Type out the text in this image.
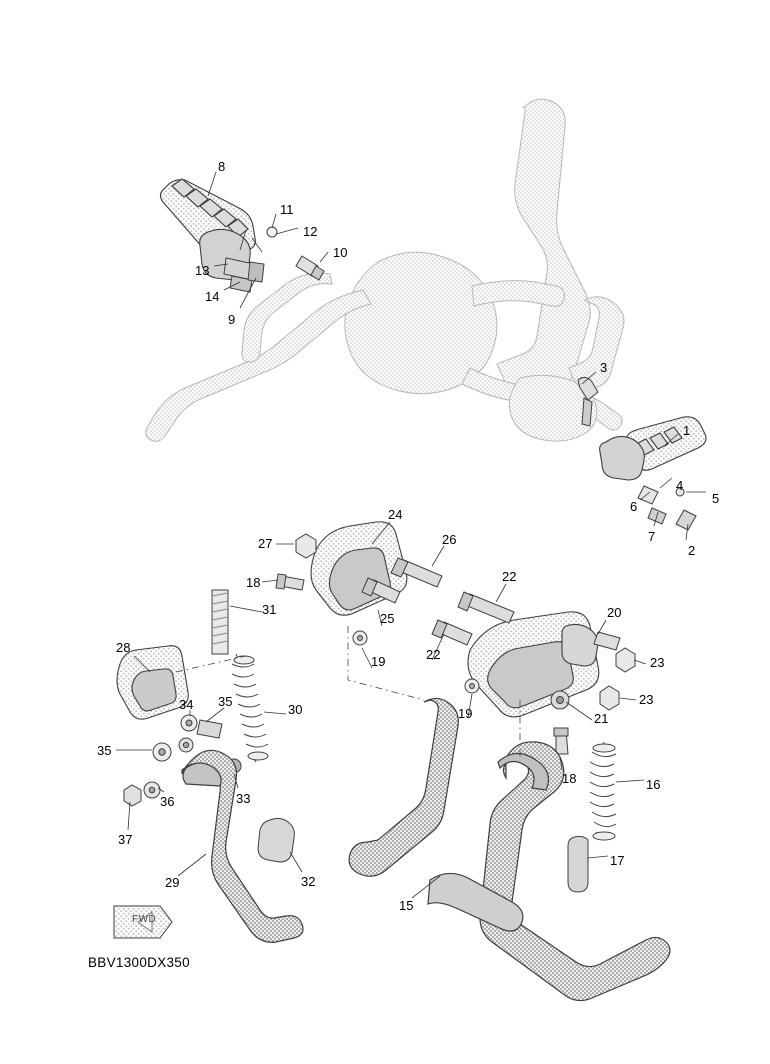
8
11
12
10
13
14
9
3
1
4
5
6
7
2
24
27	26
18	22
31
25	20
22
19	23
28
23
19	21
34 35
30
35
18	16
33
36
37
17
29	32
15
FWD
BBV1300DX350
